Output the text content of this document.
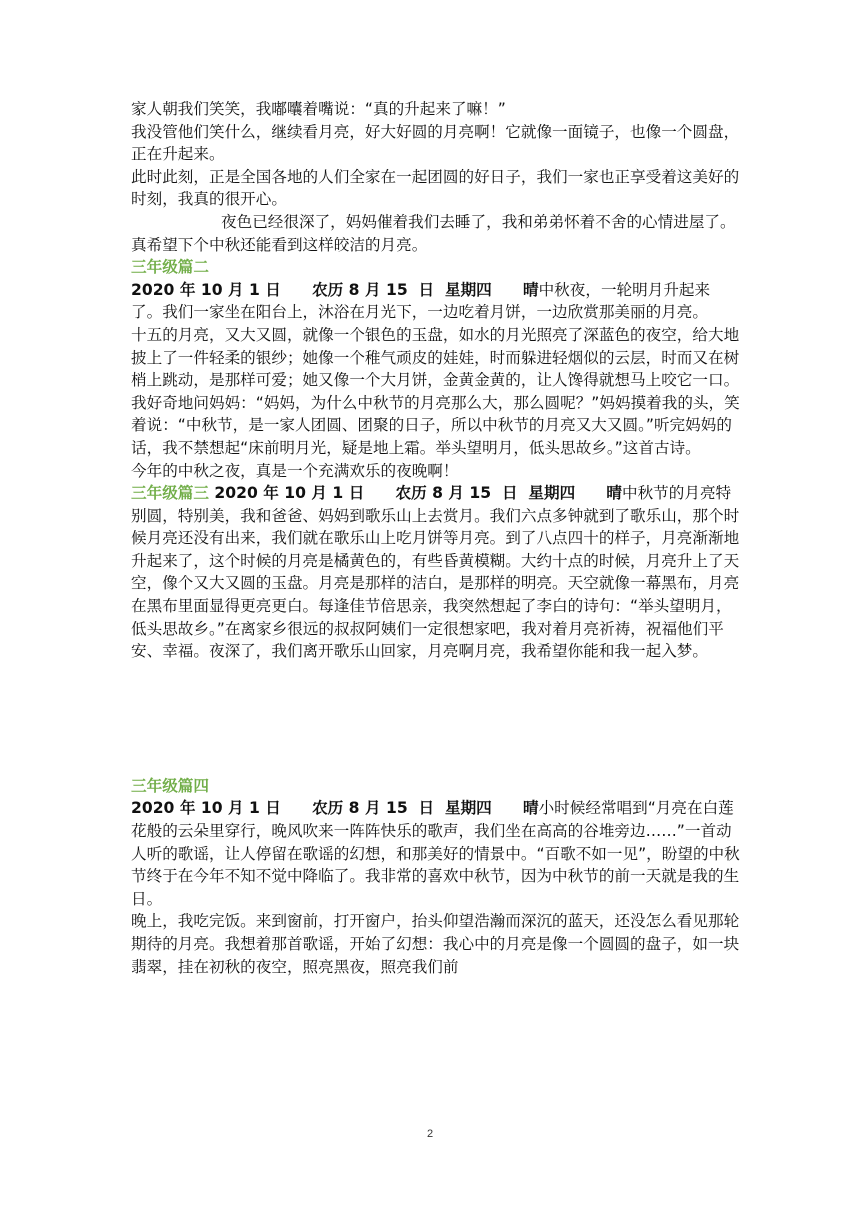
家人朝我们笑笑，我嘟囔着嘴说：“真的升起来了嘛！”

我没管他们笑什么，继续看月亮，好大好圆的月亮啊！它就像一面镜子，也像一个圆盘，正在升起来。

此时此刻，正是全国各地的人们全家在一起团圆的好日子，我们一家也正享受着这美好的时刻，我真的很开心。

夜色已经很深了，妈妈催着我们去睡了，我和弟弟怀着不舍的心情进屋了。真希望下个中秋还能看到这样皎洁的月亮。

三年级篇二

2020 年 10 月 1 日　　农历 8 月 15  日  星期四　　晴中秋夜，一轮明月升起来了。我们一家坐在阳台上，沐浴在月光下，一边吃着月饼，一边欣赏那美丽的月亮。

十五的月亮，又大又圆，就像一个银色的玉盘，如水的月光照亮了深蓝色的夜空，给大地披上了一件轻柔的银纱；她像一个稚气顽皮的娃娃，时而躲进轻烟似的云层，时而又在树梢上跳动，是那样可爱；她又像一个大月饼，金黄金黄的，让人馋得就想马上咬它一口。

我好奇地问妈妈：“妈妈，为什么中秋节的月亮那么大，那么圆呢？”妈妈摸着我的头，笑着说：“中秋节，是一家人团圆、团聚的日子，所以中秋节的月亮又大又圆。”听完妈妈的话，我不禁想起“床前明月光，疑是地上霜。举头望明月，低头思故乡。”这首古诗。

今年的中秋之夜，真是一个充满欢乐的夜晚啊！

三年级篇三 2020 年 10 月 1 日　　农历 8 月 15  日  星期四　　晴中秋节的月亮特别圆，特别美，我和爸爸、妈妈到歌乐山上去赏月。我们六点多钟就到了歌乐山，那个时候月亮还没有出来，我们就在歌乐山上吃月饼等月亮。到了八点四十的样子，月亮渐渐地升起来了，这个时候的月亮是橘黄色的，有些昏黄模糊。大约十点的时候，月亮升上了天空，像个又大又圆的玉盘。月亮是那样的洁白，是那样的明亮。天空就像一幕黑布，月亮在黑布里面显得更亮更白。每逢佳节倍思亲，我突然想起了李白的诗句：“举头望明月，低头思故乡。”在离家乡很远的叔叔阿姨们一定很想家吧，我对着月亮祈祷，祝福他们平安、幸福。夜深了，我们离开歌乐山回家，月亮啊月亮，我希望你能和我一起入梦。

三年级篇四

2020 年 10 月 1 日　　农历 8 月 15  日  星期四　　晴小时候经常唱到“月亮在白莲花般的云朵里穿行，晚风吹来一阵阵快乐的歌声，我们坐在高高的谷堆旁边……”一首动人听的歌谣，让人停留在歌谣的幻想，和那美好的情景中。“百歌不如一见”，盼望的中秋节终于在今年不知不觉中降临了。我非常的喜欢中秋节，因为中秋节的前一天就是我的生日。

晚上，我吃完饭。来到窗前，打开窗户，抬头仰望浩瀚而深沉的蓝天，还没怎么看见那轮期待的月亮。我想着那首歌谣，开始了幻想：我心中的月亮是像一个圆圆的盘子，如一块翡翠，挂在初秋的夜空，照亮黑夜，照亮我们前

2
